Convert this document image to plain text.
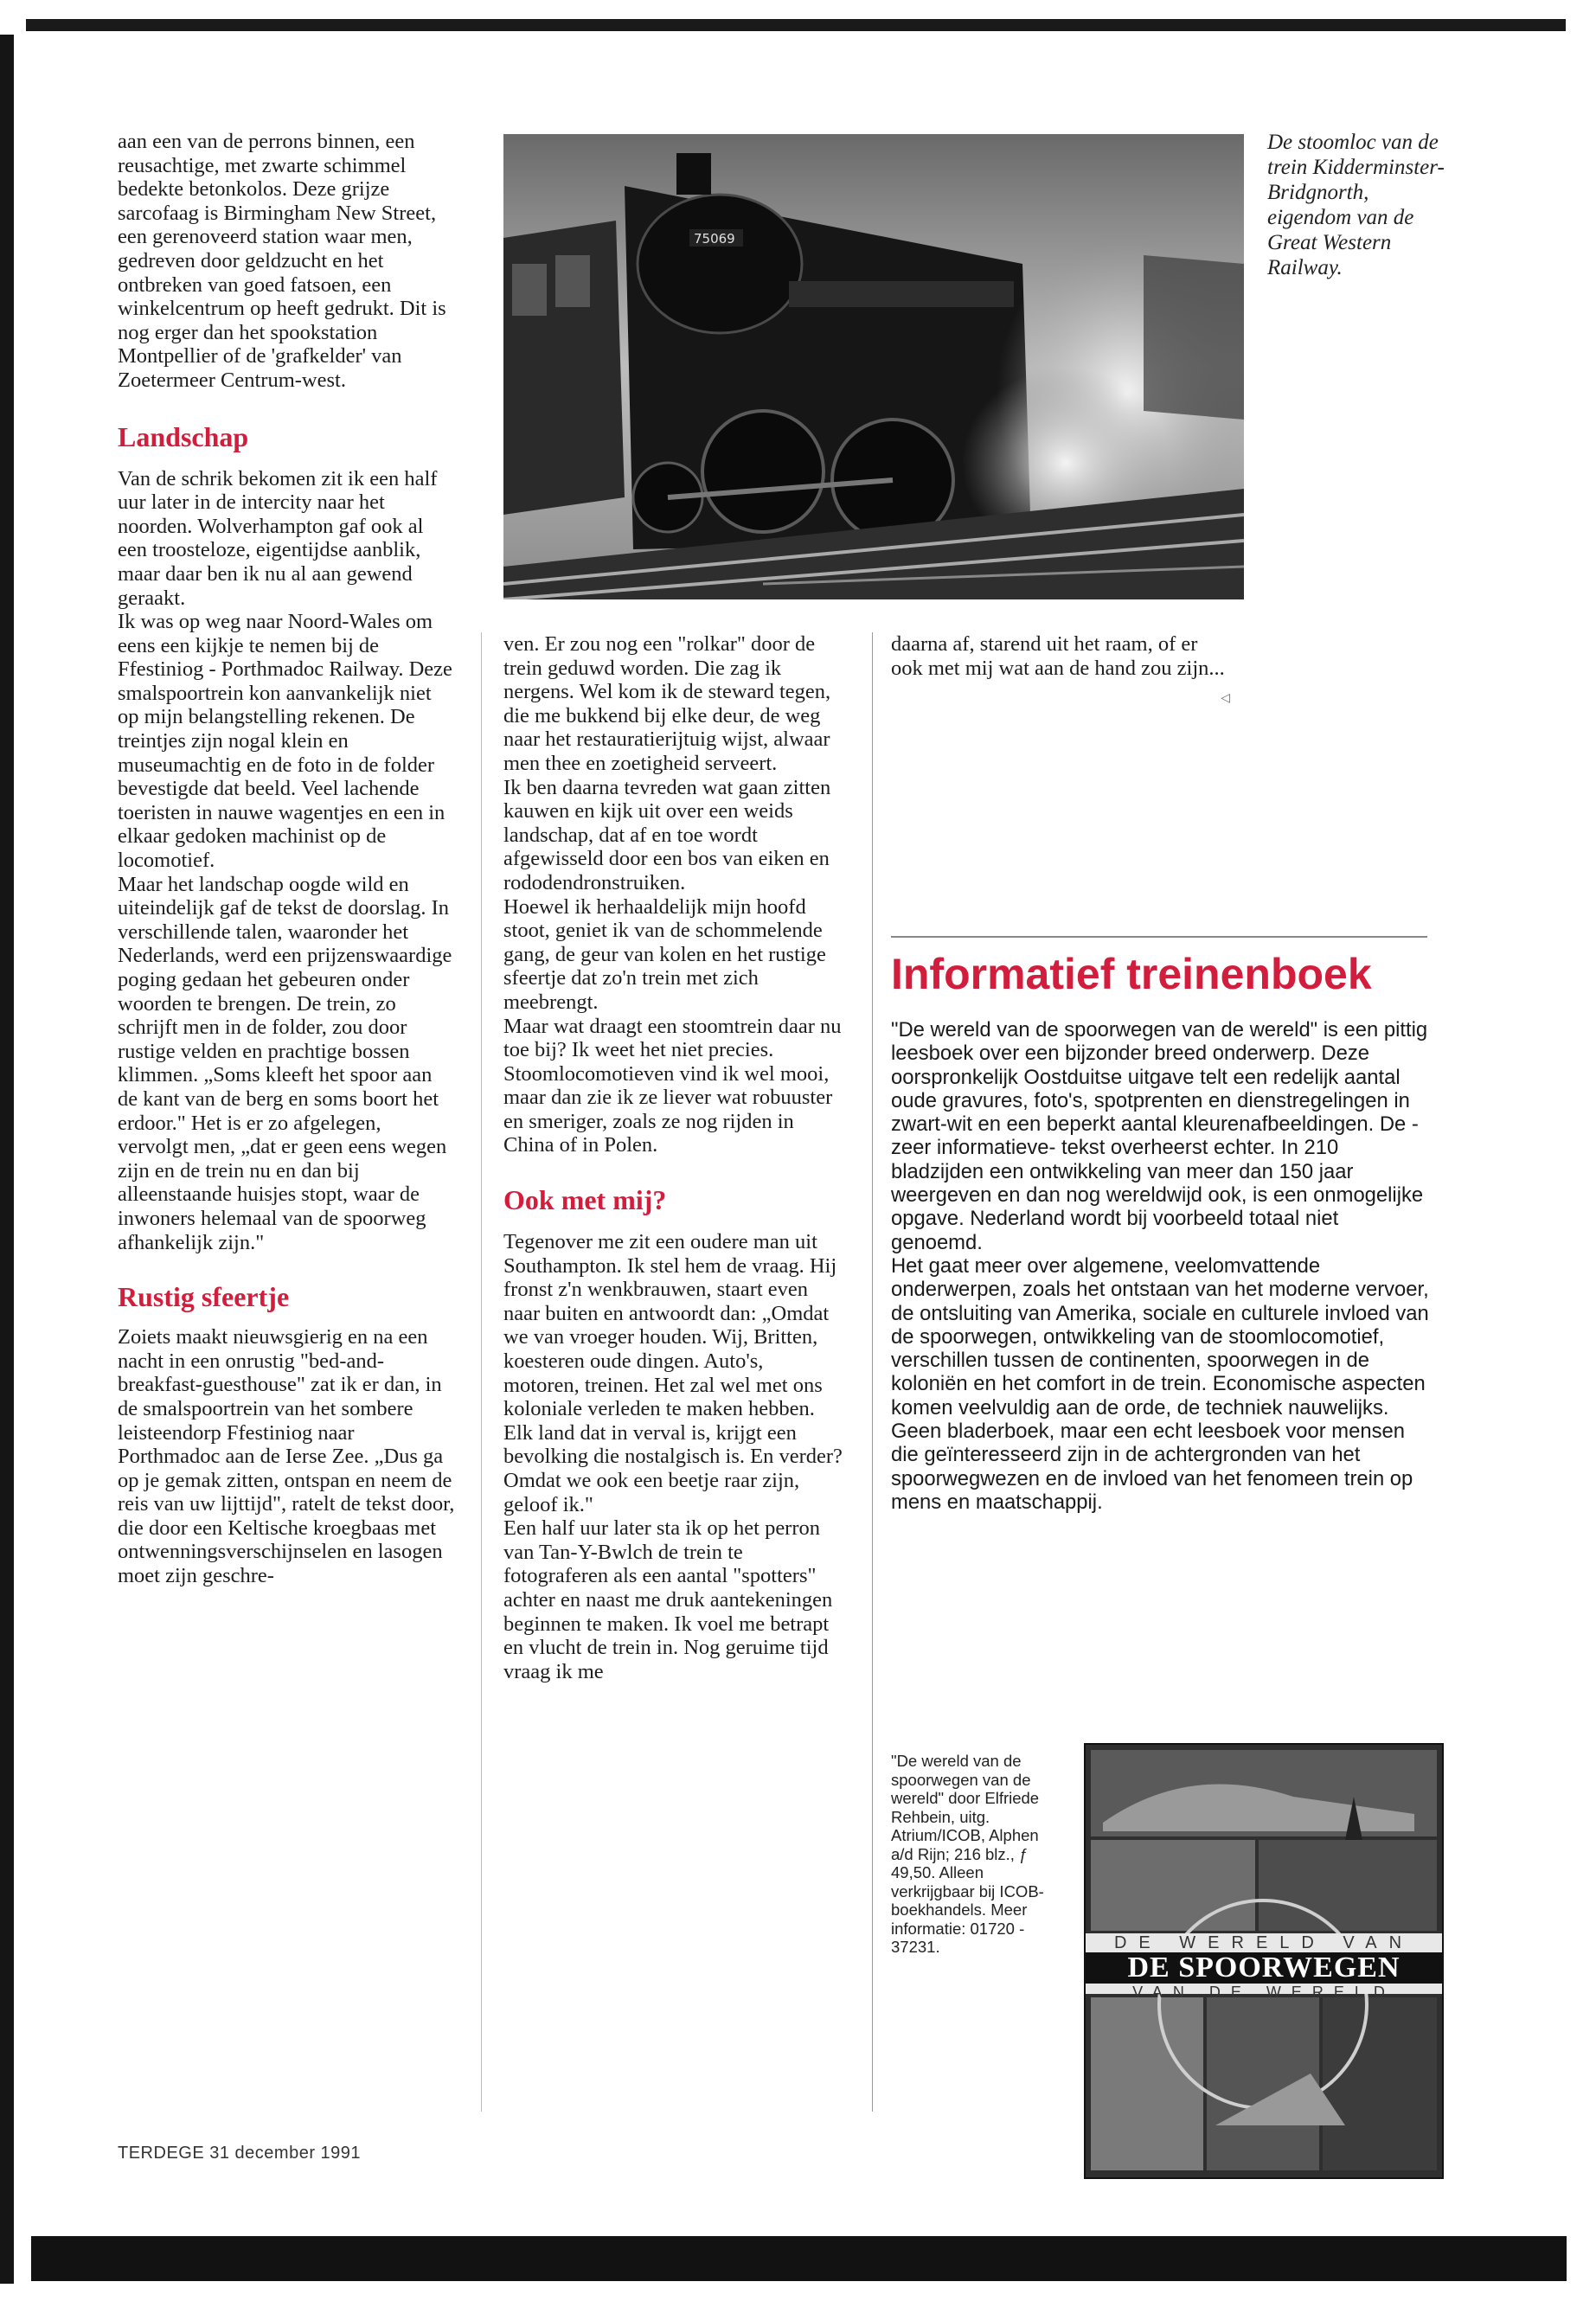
aan een van de perrons binnen, een reusachtige, met zwarte schimmel bedekte betonkolos. Deze grijze sarcofaag is Birmingham New Street, een gerenoveerd station waar men, gedreven door geldzucht en het ontbreken van goed fatsoen, een winkelcentrum op heeft gedrukt. Dit is nog erger dan het spookstation Montpellier of de 'grafkelder' van Zoetermeer Centrum-west.

Landschap

Van de schrik bekomen zit ik een half uur later in de intercity naar het noorden. Wolverhampton gaf ook al een troosteloze, eigentijdse aanblik, maar daar ben ik nu al aan gewend geraakt.

Ik was op weg naar Noord-Wales om eens een kijkje te nemen bij de Ffestiniog - Porthmadoc Railway. Deze smalspoortrein kon aanvankelijk niet op mijn belangstelling rekenen. De treintjes zijn nogal klein en museumachtig en de foto in de folder bevestigde dat beeld. Veel lachende toeristen in nauwe wagentjes en een in elkaar gedoken machinist op de locomotief.

Maar het landschap oogde wild en uiteindelijk gaf de tekst de doorslag. In verschillende talen, waaronder het Nederlands, werd een prijzenswaardige poging gedaan het gebeuren onder woorden te brengen. De trein, zo schrijft men in de folder, zou door rustige velden en prachtige bossen klimmen. „Soms kleeft het spoor aan de kant van de berg en soms boort het erdoor." Het is er zo afgelegen, vervolgt men, „dat er geen eens wegen zijn en de trein nu en dan bij alleenstaande huisjes stopt, waar de inwoners helemaal van de spoorweg afhankelijk zijn."

Rustig sfeertje

Zoiets maakt nieuwsgierig en na een nacht in een onrustig "bed-and-breakfast-guesthouse" zat ik er dan, in de smalspoortrein van het sombere leisteendorp Ffestiniog naar Porthmadoc aan de Ierse Zee. „Dus ga op je gemak zitten, ontspan en neem de reis van uw lijttijd", ratelt de tekst door, die door een Keltische kroegbaas met ontwenningsverschijnselen en lasogen moet zijn geschre-

75069
De stoomloc van de trein Kidderminster-Bridgnorth, eigendom van de Great Western Railway.

ven. Er zou nog een "rolkar" door de trein geduwd worden. Die zag ik nergens. Wel kom ik de steward tegen, die me bukkend bij elke deur, de weg naar het restauratierijtuig wijst, alwaar men thee en zoetigheid serveert.

Ik ben daarna tevreden wat gaan zitten kauwen en kijk uit over een weids landschap, dat af en toe wordt afgewisseld door een bos van eiken en rododendronstruiken.

Hoewel ik herhaaldelijk mijn hoofd stoot, geniet ik van de schommelende gang, de geur van kolen en het rustige sfeertje dat zo'n trein met zich meebrengt.

Maar wat draagt een stoomtrein daar nu toe bij? Ik weet het niet precies. Stoomlocomotieven vind ik wel mooi, maar dan zie ik ze liever wat robuuster en smeriger, zoals ze nog rijden in China of in Polen.

Ook met mij?

Tegenover me zit een oudere man uit Southampton. Ik stel hem de vraag. Hij fronst z'n wenkbrauwen, staart even naar buiten en antwoordt dan: „Omdat we van vroeger houden. Wij, Britten, koesteren oude dingen. Auto's, motoren, treinen. Het zal wel met ons koloniale verleden te maken hebben. Elk land dat in verval is, krijgt een bevolking die nostalgisch is. En verder? Omdat we ook een beetje raar zijn, geloof ik."

Een half uur later sta ik op het perron van Tan-Y-Bwlch de trein te fotograferen als een aantal "spotters" achter en naast me druk aantekeningen beginnen te maken. Ik voel me betrapt en vlucht de trein in. Nog geruime tijd vraag ik me

daarna af, starend uit het raam, of er ook met mij wat aan de hand zou zijn...
◁

Informatief treinenboek

"De wereld van de spoorwegen van de wereld" is een pittig leesboek over een bijzonder breed onderwerp. Deze oorspronkelijk Oostduitse uitgave telt een redelijk aantal oude gravures, foto's, spotprenten en dienstregelingen in zwart-wit en een beperkt aantal kleurenafbeeldingen. De -zeer informatieve- tekst overheerst echter. In 210 bladzijden een ontwikkeling van meer dan 150 jaar weergeven en dan nog wereldwijd ook, is een onmogelijke opgave. Nederland wordt bij voorbeeld totaal niet genoemd.

Het gaat meer over algemene, veelomvattende onderwerpen, zoals het ontstaan van het moderne vervoer, de ontsluiting van Amerika, sociale en culturele invloed van de spoorwegen, ontwikkeling van de stoomlocomotief, verschillen tussen de continenten, spoorwegen in de koloniën en het comfort in de trein. Economische aspecten komen veelvuldig aan de orde, de techniek nauwelijks. Geen bladerboek, maar een echt leesboek voor mensen die geïnteresseerd zijn in de achtergronden van het spoorwegwezen en de invloed van het fenomeen trein op mens en maatschappij.

"De wereld van de spoorwegen van de wereld" door Elfriede Rehbein, uitg. Atrium/ICOB, Alphen a/d Rijn; 216 blz., ƒ 49,50. Alleen verkrijgbaar bij ICOB-boekhandels. Meer informatie: 01720 - 37231.	DE WERELD VAN
DE SPOORWEGEN
VAN DE WERELD
TERDEGE 31 december 1991
